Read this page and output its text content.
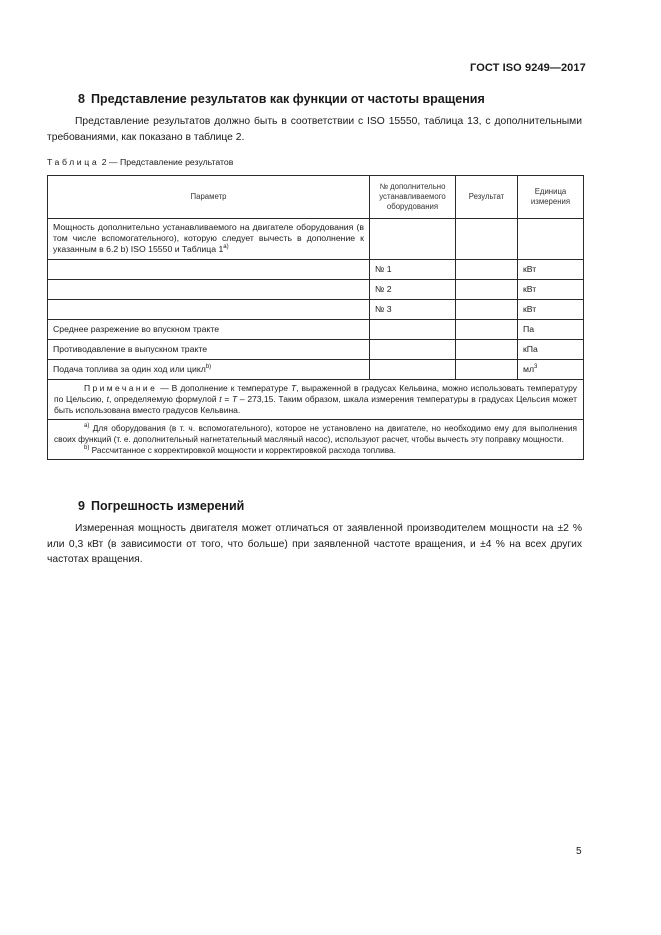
ГОСТ ISO 9249—2017
8 Представление результатов как функции от частоты вращения
Представление результатов должно быть в соответствии с ISO 15550, таблица 13, с дополнительными требованиями, как показано в таблице 2.
Таблица 2 — Представление результатов
Параметр	№ дополнительно устанавливаемого оборудования	Результат	Единица измерения
Мощность дополнительно устанавливаемого на двигателе оборудования (в том числе вспомогательного), которую следует вычесть в дополнение к указанным в 6.2 b) ISO 15550 и Таблица 1$^{a)}$			
	№ 1		кВт
	№ 2		кВт
	№ 3		кВт
Среднее разрежение во впускном тракте			Па
Противодавление в выпускном тракте			кПа
Подача топлива за один ход или цикл$^{b)}$			$мл^3$
Примечание — В дополнение к температуре T, выраженной в градусах Кельвина, можно использовать температуру по Цельсию, t, определяемую формулой t = T – 273,15. Таким образом, шкала измерения температуры в градусах Цельсия может быть использована вместо градусов Кельвина.			

$^{a)}$ Для оборудования (в т. ч. вспомогательного), которое не установлено на двигателе, но необходимо ему для выполнения своих функций (т. е. дополнительный нагнетательный масляный насос), используют расчет, чтобы вычесть эту поправку мощности.
$^{b)}$ Рассчитанное с корректировкой мощности и корректировкой расхода топлива.			
9 Погрешность измерений
Измеренная мощность двигателя может отличаться от заявленной производителем мощности на ±2 % или 0,3 кВт (в зависимости от того, что больше) при заявленной частоте вращения, и ±4 % на всех других частотах вращения.
5
